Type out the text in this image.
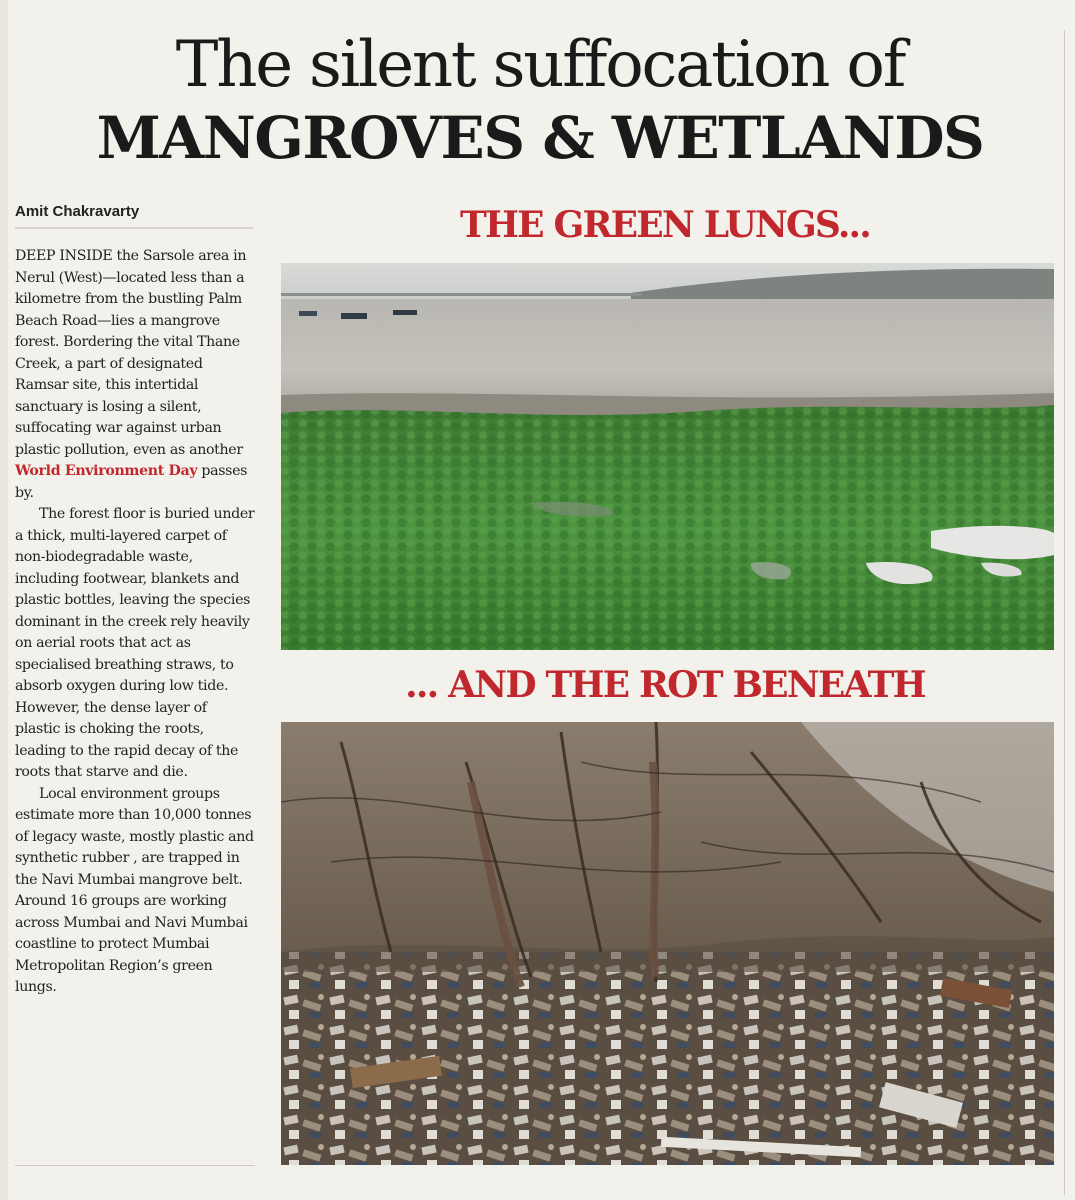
The silent suffocation of
MANGROVES & WETLANDS
Amit Chakravarty

DEEP INSIDE the Sarsole area in Nerul (West)—located less than a kilometre from the bustling Palm Beach Road—lies a mangrove forest. Bordering the vital Thane Creek, a part of designated Ramsar site, this intertidal sanctuary is losing a silent, suffocating war against urban plastic pollution, even as another World Environment Day passes by.

The forest floor is buried under a thick, multi-layered carpet of non-biodegradable waste, including footwear, blankets and plastic bottles, leaving the species dominant in the creek rely heavily on aerial roots that act as specialised breathing straws, to absorb oxygen during low tide. However, the dense layer of plastic is choking the roots, leading to the rapid decay of the roots that starve and die.

Local environment groups estimate more than 10,000 tonnes of legacy waste, mostly plastic and synthetic rubber , are trapped in the Navi Mumbai mangrove belt. Around 16 groups are working across Mumbai and Navi Mumbai coastline to protect Mumbai Metropolitan Region’s green lungs.

THE GREEN LUNGS...
... AND THE ROT BENEATH
